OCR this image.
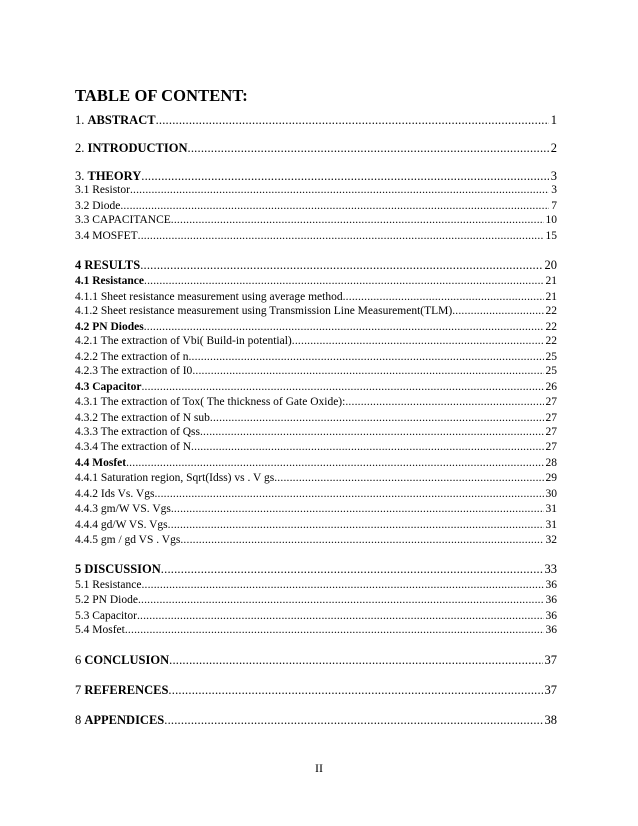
TABLE OF CONTENT:
1. ABSTRACT .....	1
2. INTRODUCTION .....	2
3. THEORY .....	3
3.1 Resistor .....	3
3.2 Diode .....	7
3.3 CAPACITANCE .....	10
3.4 MOSFET .....	15
4 RESULTS .....	20
4.1 Resistance .....	21
4.1.1 Sheet resistance measurement using average method .....	21
4.1.2 Sheet resistance measurement using Transmission Line Measurement(TLM) .....	22
4.2 PN Diodes .....	22
4.2.1 The extraction of Vbi( Build-in potential) .....	22
4.2.2 The extraction of n .....	25
4.2.3 The extraction of I0 .....	25
4.3 Capacitor .....	26
4.3.1 The extraction of Tox( The thickness of Gate Oxide): .....	27
4.3.2 The extraction of N sub .....	27
4.3.3 The extraction of Qss .....	27
4.3.4 The extraction of N .....	27
4.4 Mosfet .....	28
4.4.1 Saturation region, Sqrt(Idss) vs . V gs .....	29
4.4.2 Ids Vs. Vgs .....	30
4.4.3 gm/W VS. Vgs .....	31
4.4.4 gd/W VS. Vgs .....	31
4.4.5 gm / gd VS . Vgs .....	32
5 DISCUSSION .....	33
5.1 Resistance .....	36
5.2 PN Diode .....	36
5.3 Capacitor .....	36
5.4 Mosfet .....	36
6 CONCLUSION .....	37
7 REFERENCES .....	37
8 APPENDICES .....	38
II
